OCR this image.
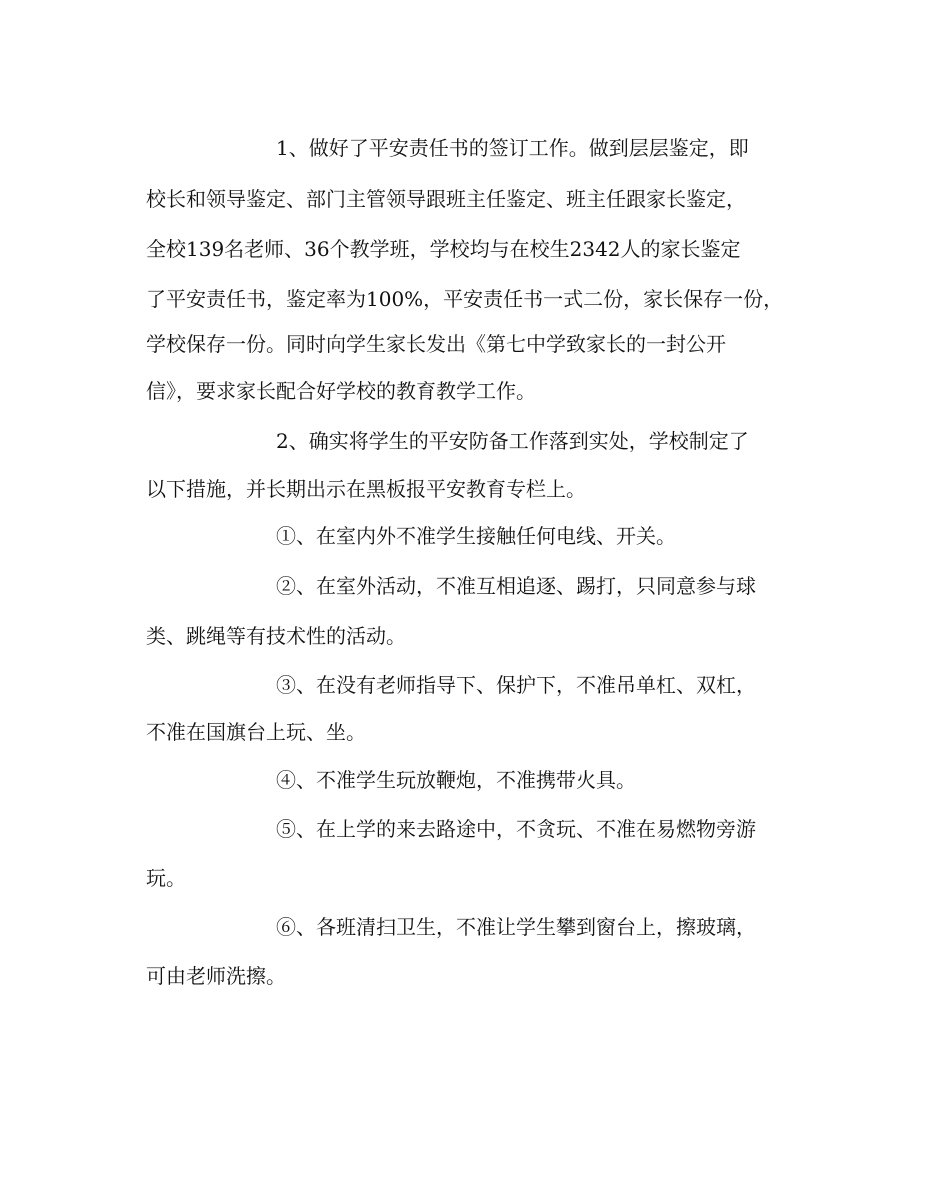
1、做好了平安责任书的签订工作。做到层层鉴定，即
校长和领导鉴定、部门主管领导跟班主任鉴定、班主任跟家长鉴定，
全校139名老师、36个教学班，学校均与在校生2342人的家长鉴定
了平安责任书，鉴定率为100%，平安责任书一式二份，家长保存一份，
学校保存一份。同时向学生家长发出《第七中学致家长的一封公开
信》，要求家长配合好学校的教育教学工作。
2、确实将学生的平安防备工作落到实处，学校制定了
以下措施，并长期出示在黑板报平安教育专栏上。
①、在室内外不准学生接触任何电线、开关。
②、在室外活动，不准互相追逐、踢打，只同意参与球
类、跳绳等有技术性的活动。
③、在没有老师指导下、保护下，不准吊单杠、双杠，
不准在国旗台上玩、坐。
④、不准学生玩放鞭炮，不准携带火具。
⑤、在上学的来去路途中，不贪玩、不准在易燃物旁游
玩。
⑥、各班清扫卫生，不准让学生攀到窗台上，擦玻璃，
可由老师洗擦。
